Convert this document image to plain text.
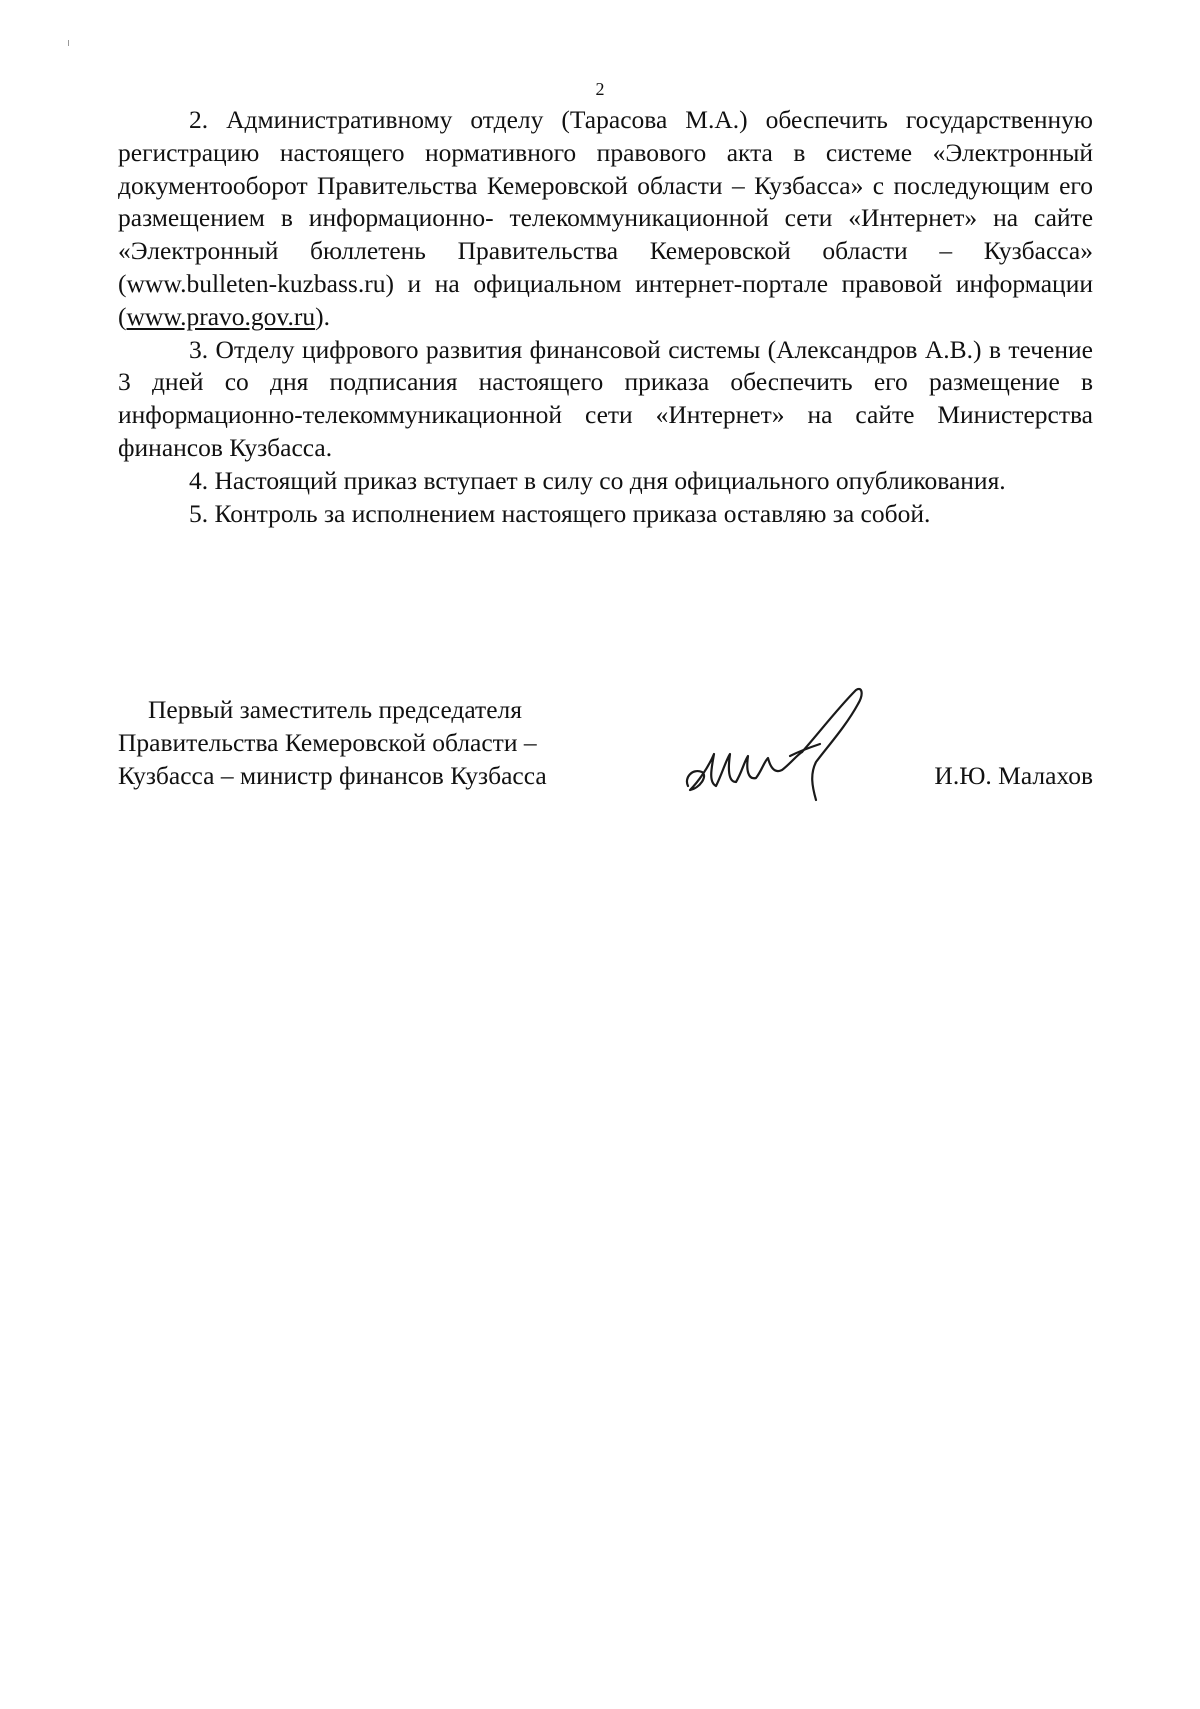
2

2. Административному отделу (Тарасова М.А.) обеспечить государственную регистрацию настоящего нормативного правового акта в системе «Электронный документооборот Правительства Кемеровской области – Кузбасса» с последующим его размещением в информационно- телекоммуникационной сети «Интернет» на сайте «Электронный бюллетень Правительства Кемеровской области – Кузбасса» (www.bulleten-kuzbass.ru) и на официальном интернет-портале правовой информации (www.pravo.gov.ru).

3. Отделу цифрового развития финансовой системы (Александров А.В.) в течение 3 дней со дня подписания настоящего приказа обеспечить его размещение в информационно-телекоммуникационной сети «Интернет» на сайте Министерства финансов Кузбасса.

4. Настоящий приказ вступает в силу со дня официального опубликования.

5. Контроль за исполнением настоящего приказа оставляю за собой.

Первый заместитель председателя
Правительства Кемеровской области –
Кузбасса – министр финансов Кузбасса	И.Ю. Малахов
